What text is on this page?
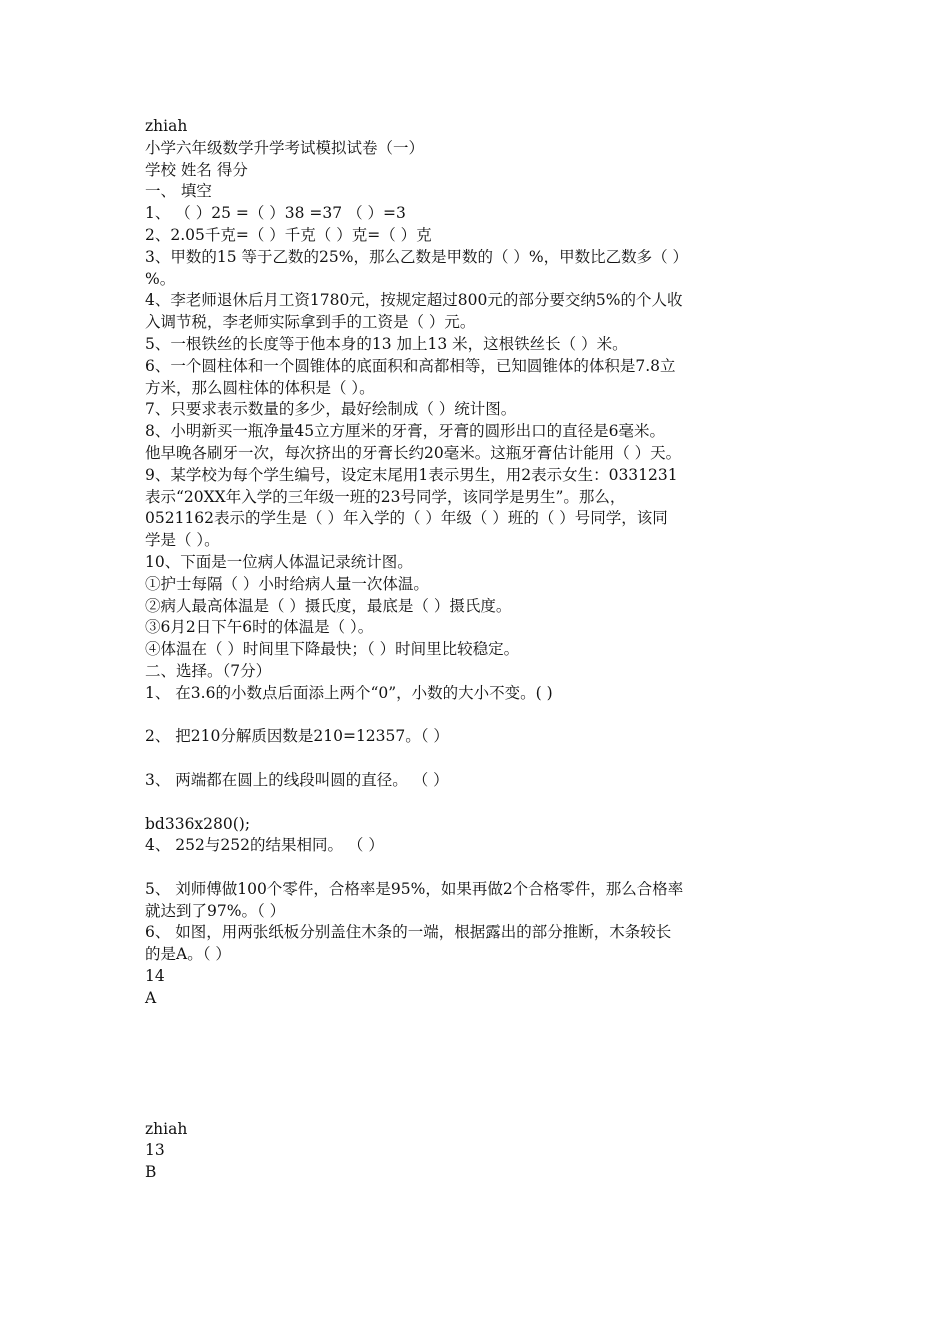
zhiah

小学六年级数学升学考试模拟试卷（一）

学校 姓名 得分

一、 填空

1、 （ ）25 =（ ）38 =37 （ ）=3

2、2.05千克=（ ）千克（ ）克=（ ）克

3、甲数的15 等于乙数的25%，那么乙数是甲数的（ ）%，甲数比乙数多（ ）

%。

4、李老师退休后月工资1780元，按规定超过800元的部分要交纳5%的个人收

入调节税，李老师实际拿到手的工资是（ ）元。

5、一根铁丝的长度等于他本身的13 加上13 米，这根铁丝长（ ）米。

6、一个圆柱体和一个圆锥体的底面积和高都相等，已知圆锥体的体积是7.8立

方米，那么圆柱体的体积是（ ）。

7、只要求表示数量的多少，最好绘制成（ ）统计图。

8、小明新买一瓶净量45立方厘米的牙膏，牙膏的圆形出口的直径是6毫米。

他早晚各刷牙一次，每次挤出的牙膏长约20毫米。这瓶牙膏估计能用（ ）天。

9、某学校为每个学生编号，设定末尾用1表示男生，用2表示女生：0331231

表示“20XX年入学的三年级一班的23号同学，该同学是男生”。那么，

0521162表示的学生是（ ）年入学的（ ）年级（ ）班的（ ）号同学，该同

学是（ ）。

10、下面是一位病人体温记录统计图。

①护士每隔（ ）小时给病人量一次体温。

②病人最高体温是（ ）摄氏度，最底是（ ）摄氏度。

③6月2日下午6时的体温是（ ）。

④体温在（ ）时间里下降最快；（ ）时间里比较稳定。

二、选择。（7分）

1、 在3.6的小数点后面添上两个“0”，小数的大小不变。( )

2、 把210分解质因数是210=12357。（ ）

3、 两端都在圆上的线段叫圆的直径。 （ ）

bd336x280();

4、 252与252的结果相同。 （ ）

5、 刘师傅做100个零件，合格率是95%，如果再做2个合格零件，那么合格率

就达到了97%。（ ）

6、 如图，用两张纸板分别盖住木条的一端，根据露出的部分推断，木条较长

的是A。（ ）

14

A

zhiah

13

B
